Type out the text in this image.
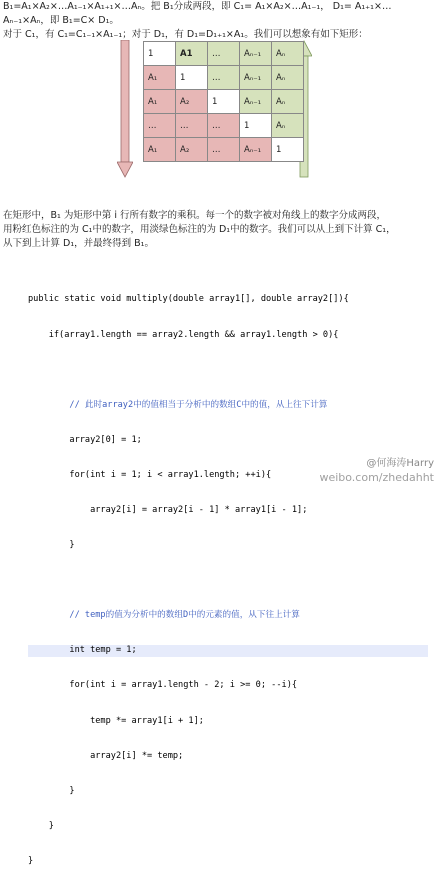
B₁=A₁×A₂×…A₁₋₁×A₁₊₁×…Aₙ。把 B₁分成两段，即 C₁= A₁×A₂×…A₁₋₁， D₁= A₁₊₁×… Aₙ₋₁×Aₙ，即 B₁=C× D₁。
对于 C₁，有 C₁=C₁₋₁×A₁₋₁；对于 D₁，有 D₁=D₁₊₁×A₁。我们可以想象有如下矩形：
1	A1	…	Aₙ₋₁	Aₙ
A₁	1	…	Aₙ₋₁	Aₙ
A₁	A₂	1	Aₙ₋₁	Aₙ
…	…	…	1	Aₙ
A₁	A₂	…	Aₙ₋₁	1
在矩形中，B₁ 为矩形中第 i 行所有数字的乘积。每一个的数字被对角线上的数字分成两段，
用粉红色标注的为 C₁中的数字，用淡绿色标注的为 D₁中的数字。我们可以从上到下计算 C₁，
从下到上计算 D₁，并最终得到 B₁。

public static void multiply(double array1[], double array2[]){

if(array1.length == array2.length && array1.length > 0){

// 此时array2中的值相当于分析中的数组C中的值，从上往下计算

array2[0] = 1;

for(int i = 1; i < array1.length; ++i){

array2[i] = array2[i - 1] * array1[i - 1];

}

// temp的值为分析中的数组D中的元素的值，从下往上计算

int temp = 1;

for(int i = array1.length - 2; i >= 0; --i){

temp *= array1[i + 1];

array2[i] *= temp;

}

}

}

@何海涛Harry
weibo.com/zhedahht
